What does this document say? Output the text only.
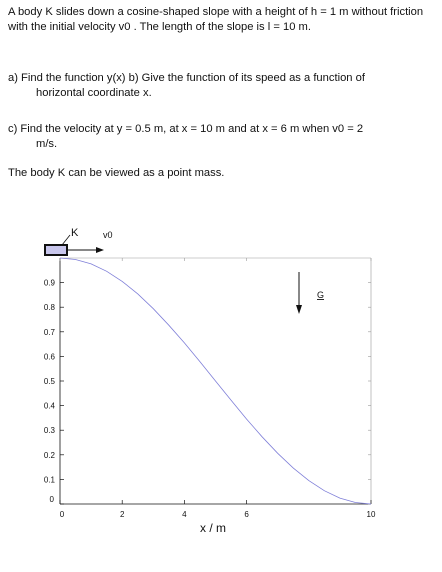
A body K slides down a cosine-shaped slope with a height of h = 1 m without friction with the initial velocity v0 . The length of the slope is l = 10 m.

a) Find the function y(x) b) Give the function of its speed as a function of
horizontal coordinate x.

c) Find the velocity at y = 0.5 m, at x = 10 m and at x = 6 m when v0 = 2
m/s.

The body K can be viewed as a point mass.

0
0.1
0.2
0.3
0.4
0.5
0.6
0.7
0.8
0.9
0	2	4	6	10
x / m
K	v0
G
